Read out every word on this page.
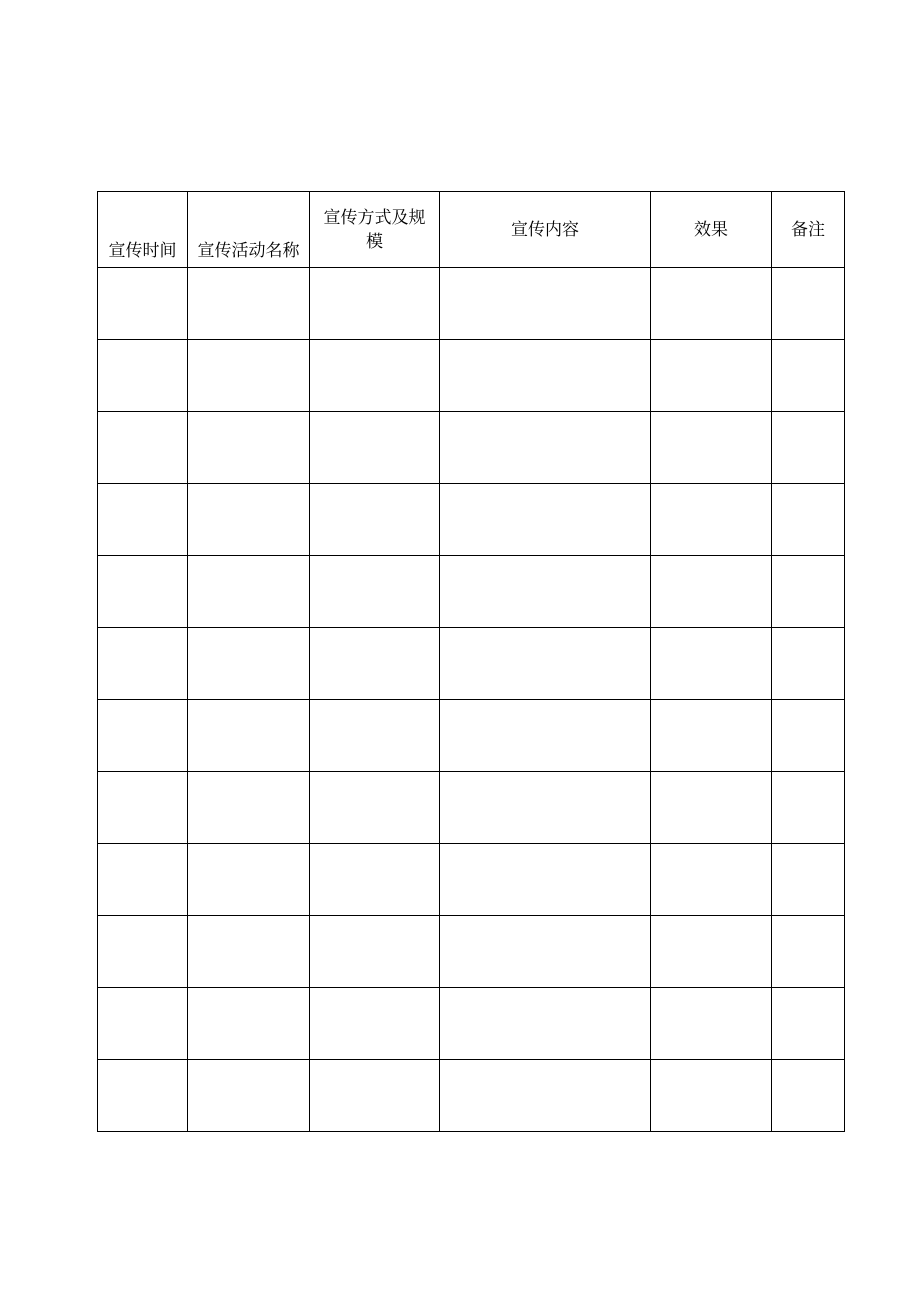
宣传时间	宣传活动名称	宣传方式及规模	宣传内容	效果	备注
